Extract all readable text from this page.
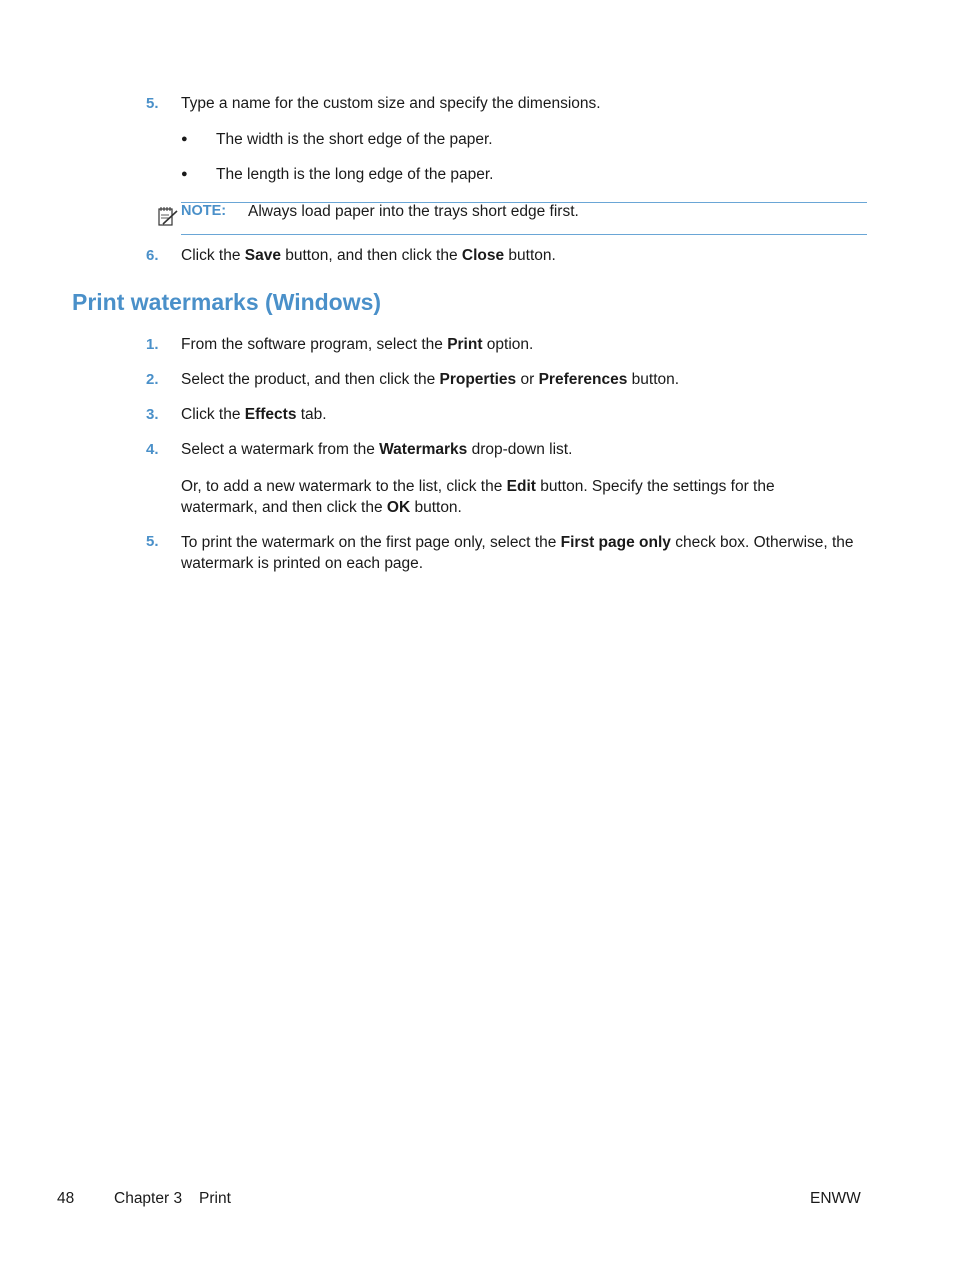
5.	Type a name for the custom size and specify the dimensions.
● The width is the short edge of the paper.
● The length is the long edge of the paper.
NOTE: Always load paper into the trays short edge first.
6.	Click the Save button, and then click the Close button.
Print watermarks (Windows)
1.	From the software program, select the Print option.
2.	Select the product, and then click the Properties or Preferences button.
3.	Click the Effects tab.
4.	Select a watermark from the Watermarks drop-down list.
Or, to add a new watermark to the list, click the Edit button. Specify the settings for the watermark, and then click the OK button.
5.	To print the watermark on the first page only, select the First page only check box. Otherwise, the watermark is printed on each page.
48	Chapter 3 Print	ENWW
